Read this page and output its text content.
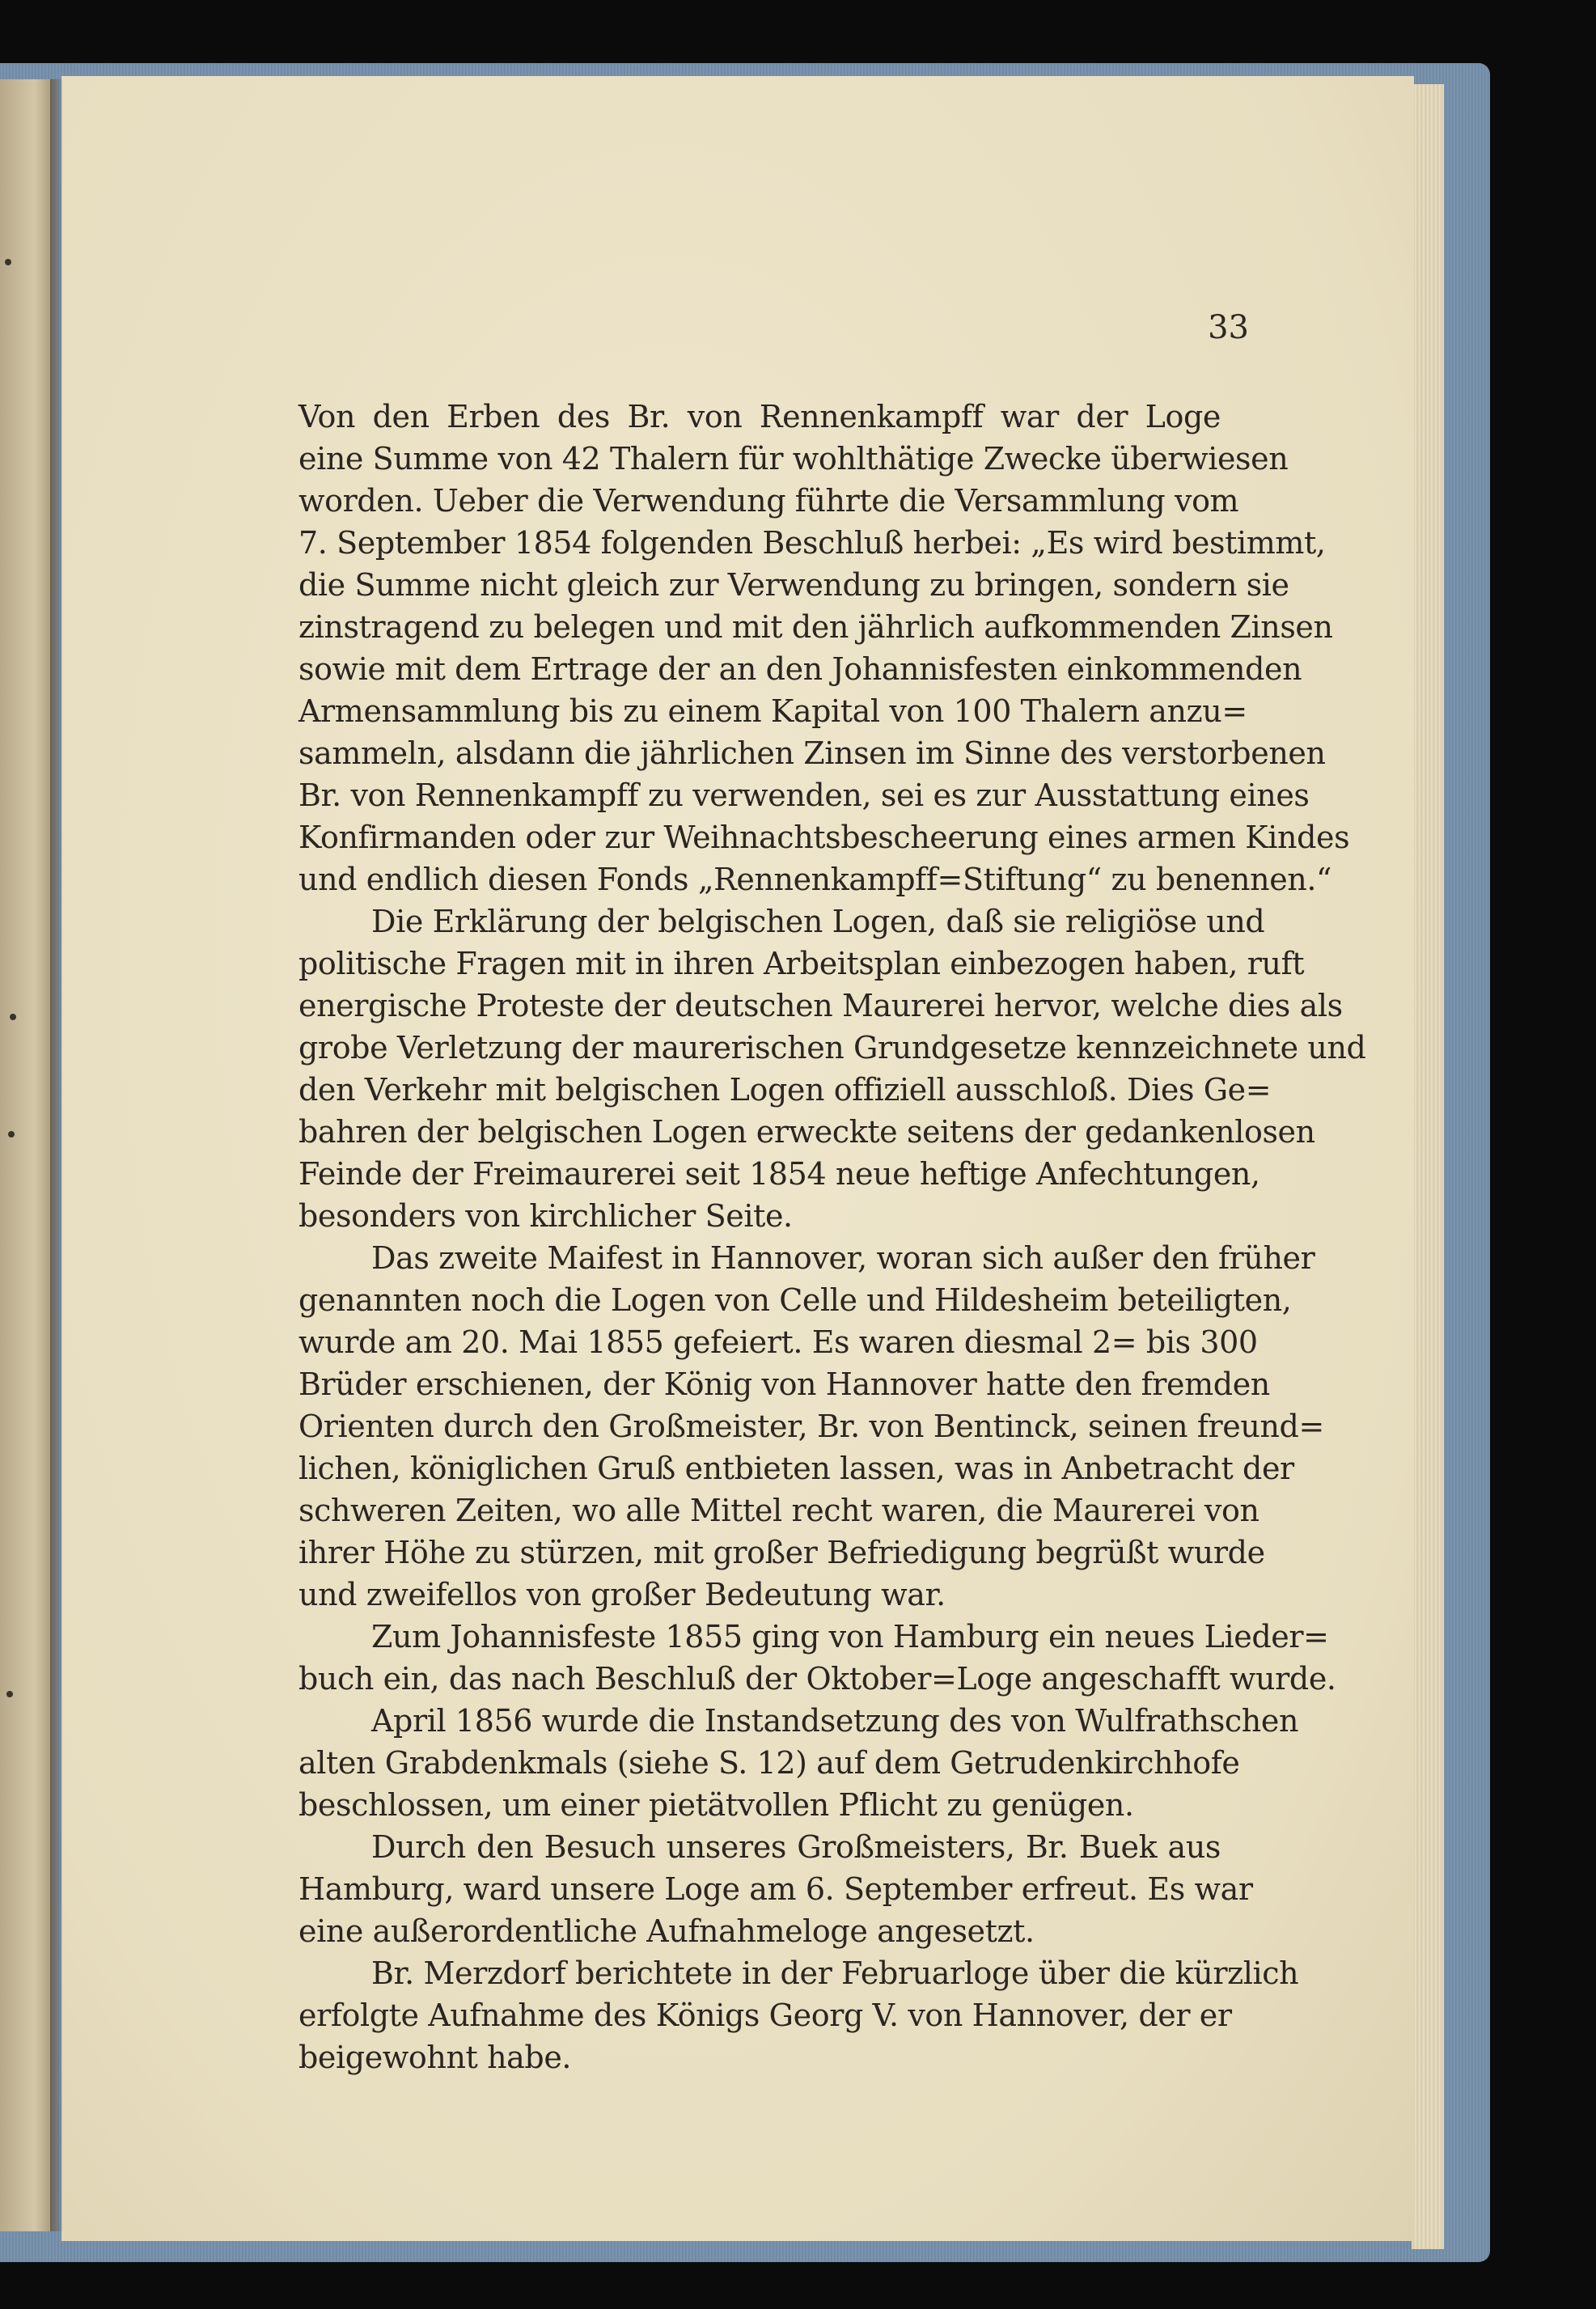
33
Von den Erben des Br. von Rennenkampff war der Loge
eine Summe von 42 Thalern für wohlthätige Zwecke überwiesen
worden. Ueber die Verwendung führte die Versammlung vom
7. September 1854 folgenden Beschluß herbei: „Es wird bestimmt,
die Summe nicht gleich zur Verwendung zu bringen, sondern sie
zinstragend zu belegen und mit den jährlich aufkommenden Zinsen
sowie mit dem Ertrage der an den Johannisfesten einkommenden
Armensammlung bis zu einem Kapital von 100 Thalern anzu=
sammeln, alsdann die jährlichen Zinsen im Sinne des verstorbenen
Br. von Rennenkampff zu verwenden, sei es zur Ausstattung eines
Konfirmanden oder zur Weihnachtsbescheerung eines armen Kindes
und endlich diesen Fonds „Rennenkampff=Stiftung“ zu benennen.“
Die Erklärung der belgischen Logen, daß sie religiöse und
politische Fragen mit in ihren Arbeitsplan einbezogen haben, ruft
energische Proteste der deutschen Maurerei hervor, welche dies als
grobe Verletzung der maurerischen Grundgesetze kennzeichnete und
den Verkehr mit belgischen Logen offiziell ausschloß. Dies Ge=
bahren der belgischen Logen erweckte seitens der gedankenlosen
Feinde der Freimaurerei seit 1854 neue heftige Anfechtungen,
besonders von kirchlicher Seite.
Das zweite Maifest in Hannover, woran sich außer den früher
genannten noch die Logen von Celle und Hildesheim beteiligten,
wurde am 20. Mai 1855 gefeiert. Es waren diesmal 2= bis 300
Brüder erschienen, der König von Hannover hatte den fremden
Orienten durch den Großmeister, Br. von Bentinck, seinen freund=
lichen, königlichen Gruß entbieten lassen, was in Anbetracht der
schweren Zeiten, wo alle Mittel recht waren, die Maurerei von
ihrer Höhe zu stürzen, mit großer Befriedigung begrüßt wurde
und zweifellos von großer Bedeutung war.
Zum Johannisfeste 1855 ging von Hamburg ein neues Lieder=
buch ein, das nach Beschluß der Oktober=Loge angeschafft wurde.
April 1856 wurde die Instandsetzung des von Wulfrathschen
alten Grabdenkmals (siehe S. 12) auf dem Getrudenkirchhofe
beschlossen, um einer pietätvollen Pflicht zu genügen.
Durch den Besuch unseres Großmeisters, Br. Buek aus
Hamburg, ward unsere Loge am 6. September erfreut. Es war
eine außerordentliche Aufnahmeloge angesetzt.
Br. Merzdorf berichtete in der Februarloge über die kürzlich
erfolgte Aufnahme des Königs Georg V. von Hannover, der er
beigewohnt habe.
